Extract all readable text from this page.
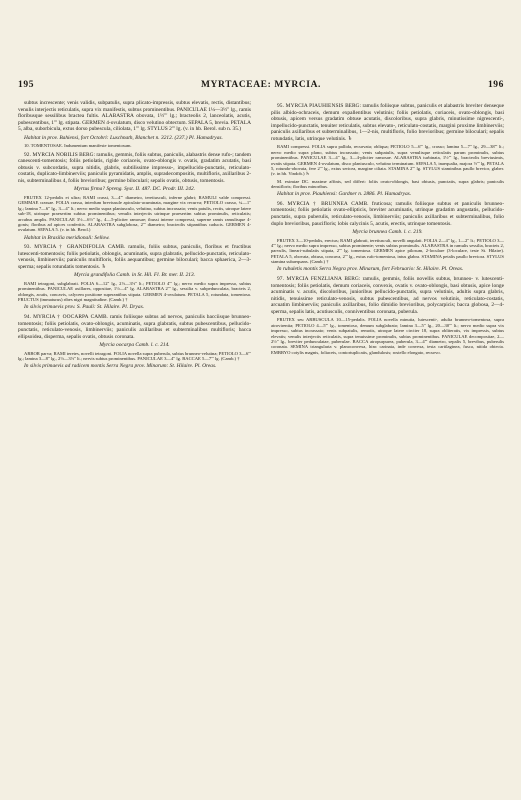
195	MYRTACEAE: MYRCIA.	196

subtus increscente; venis validis, subpatulis, supra plicato-impressis, subtus elevatis, rectis, distantibus; venulis interjectis reticulatis, supra vix manifestis, subtus prominentibus. PANICULAE 1¼—3½" lg., ramis floribusque sessilibus bractea fultis. ALABASTRA obovata, 1½"' lg.; bracteolis 2, lanceolatis, acutis, pubescentibus, 1"' lg. stipata. GERMEN 4-ovulatum, disco velutino obtectum. SEPALA 5, brevia. PETALA 5, alba, suborbicula, extus dorso pubescula, ciliolata, 1"' lg. STYLUS 2"' lg. (v. in hb. Berol. sub n. 35.)

Habitat in prov. Bahiensi, fort Octobri: Luschnath, Blanchet n. 3212. (237.) Pl. Hamadryas.

10. TOMENTOSAE. Indumentum manifeste tomentosum.

92. MYRCIA NOBILIS BERG: ramulis, gemmis, foliis subtus, paniculis, alabastris dense rufo-; tandem canescenti-tomentosis; foliis petiolatis, rigide coriaceis, ovato-oblongis v. ovatis, gradatim acutatis, basi obtusis v. subcordatis, supra nitidis, glabris, subtilissime impresso-, impellucido-punctatis, reticulato-costatis, duplicato-limbinerviis; paniculis pyramidatis, amplis, supradecompositis, multifloris, axillaribus 2-nis, subterminalibus 4, foliis brevioribus; germine biloculari; sepalis ovatis, obtusis, tomentosis.

Myrtus firma? Spreng. Syst. II. 487. DC. Prodr. III. 242.

FRUTEX 12-pedalis et ultra; RAMI crassi, 3—4"' diametro, teretiusculi, inferne glabri; RAMULI valde compressi. GEMMAE crassae. FOLIA crassa, interdum breviusule apiculato-acuminata, margine vix recurva; PETIOLO crasso, ¼—1" lg.; lamina 7—6" lg., 3—4" lt.; nervo medio supra planiusculo, velutino, subtus incrassato; venis patulis, rectis, utroque latere sub-18, utrinque praesertim subtus prominentibus; venulis interjectis utrinque praesertim subtus prominulis, reticulatis; arcubus amplis. PANICULAE 3½—6½" lg., 4—5-pliciter ramosae; ibussi interne compressi, superne ramis ramulisque 4-gonis; floribus ad apices conferitis. ALABASTRA subglobosa, 2"' diametro; bracteolis stipantibus caducis. GERMEN 4-ovulatum. SEPALA 5. (v. in hb. Berol.)

Habitat in Brasilia meridionali: Sellow.

93. MYRCIA † GRANDIFOLIA CAMB. ramulis, foliis subtus, paniculis, floribus et fructibus lutescenti-tomentosis; foliis petiolatis, oblongis, acuminatis, supra glabratis, pellucido-punctatis, reticulato-venosis, limbinerviis; paniculis multifloris, foliis aequantibus; germine biloculari; bacca sphaerica, 2—3-sperma; sepalis rotundatis tomentosis. ♄

Myrcia grandifolia Camb. in St. Hil. Fl. Br. mer. II. 213.

RAMI tetragoni, subglabrati. FOLIA 6—12" lg., 2½—3½" lt.; PETIOLO 4"' lg.; nervo medio supra impresso, subtus prominentibus. PANICULAE axillares, oppositae, 1½—4" lg. ALABASTRA 2"' lg., sessilia v. subpedunculata, bracteis 2, oblongis, acutis, concavis, calycem positione superantibus stipata. GERMEN 4-ovulatum. PETALA 5, rotundata, tomentosa. FRUCTUS (immaturus) ribes nigri magnitudine. (Camb.) †

In silvis primaevis prov. S. Pauli: St. Hilaire. Pl. Dryas.

94. MYRCIA † OOCARPA CAMB. ramis foliisque subtus ad nervos, paniculis bacciisque brunneo-tomentosis; foliis petiolatis, ovato-oblongis, acuminatis, supra glabratis, subtus pubescentibus, pellucido-punctatis, reticulato-venosis, limbinerviis; paniculis axillaribus et subterminalibus multifloris; bacca ellipsoidea, disperma, sepalis ovatis, obtusis coronata.

Myrcia oocarpa Camb. l. c. 214.

ARBOR parva; RAMI teretes, novelli tetragoni. FOLIA novella supra puberula, subtus brunneo-velutina; PETIOLO 3—6"' lg.; lamina 3—8" lg., 2½—3½" lt.; nervis subtus prominentibus. PANICULAE 3—4" lg. BACCAE 5—7"' lg. (Camb.) †

In silvis primaevis ad radicem montis Serra Negra prov. Minarum: St. Hilaire. Pl. Oreas.

95. MYRCIA PIAUHIENSIS BERG: ramulis foliisque subtus, paniculis et alabastris breviter densequе pilis albido-ochraceis, demum expallentibus velutinis; foliis petiolatis, coriaceis, ovato-oblongis, basi obtusis, apicem versus gradatim obtuse acutatis, discoloribus, supra glabris, minutissime nigrescenti-, impellucido-punctatis, tenuiter reticulatis, subtus elevato-, reticulato-costatis, margini proxime limbinerviis; paniculis axillaribus et subterminalibus, 1—2-nis, multifloris, folio brevioribus; germine biloculari; sepalis rotundatis, latis, utrinque velutinis. ♄

RAMI compressi. FOLIA supra pallida, recurvata; obliqua; PETIOLO 5—6"' lg., crasso; lamina 5—7" lg., 29—38"' lt.; nervo medio supra plano, subtus incrassato; venis subpatulis, supra venulisque reticulatis parum prominulis, subtus prominentibus. PANICULAE 3—4" lg., 3—4-pliciter ramosae. ALABASTRA turbinata, 1½"' lg., bracteolis breviusimis, ovatis stipata. GERMEN 4-ovulatum, disco planiusculo, velutino terminatum. SEPALA 5, inaequalia, majora ½"' lg. PETALA 5, rotundo-obovata, fere 2"' lg., extus sericea, margine ciliata. STAMINA 2"' lg. STYLUS staminibus paullo brevior, glaber. (v. in hb. Vindob.) ♄

M. eximiae DC. maxime affinis, sed differt: foliis ovato-oblongis, basi obtusis, punctatis, supra glabris; paniculis densiflоris; floribus minoribus.

Habitat in prov. Piauhiensi: Gardner n. 2886. Pl. Hamadryas.

96. MYRCIA † BRUNNEA CAMB. fruticosa; ramulis foliisque subtus et paniculis brunneo-tomentosis; foliis petiolatis ovato-ellipticis, breviter acuminatis, utrinque gradatim angustatis, pellucido-punctatis, supra puberulis, reticulato-venosis, limbinerviis; paniculis axillaribus et subterminalibus, folio duplo brevioribus, pauciflоris; lobis calycinis 5, acutis, erectis, utrinque tomentosis.

Myrcia brunnea Camb. l. c. 219.

FRUTEX 3—10-pedalis, erectus; RAMI glabrati, teretiusculi, novelli angulati. FOLIA 2—4" lg., 1—2" lt.; PETIOLO 3—4"' lg.; nervo medio supra impresso, subtus prominente; venis subtus prominulis. ALABASTRA in ramulis sessilia, bracteis 2, parvulis, lineari-subulatis stipata, 2"' lg. tomentosa. GERMEN apice pilosum, 2-loculare (3-loculare, teste St. Hilaire). PETALA 5, obovata, obtusa, concava, 2"' lg., extus rufo-tomentosa, intus glabra. STAMINA petalis paullo breviora. STYLUS stamina subaequans. (Camb.) †

In rubuletis montis Serra Negra prov. Minarum, fort Februario: St. Hilaire. Pl. Oreas.

97. MYRCIA FENZLIANA BERG: ramulis, gemmis, foliis novellis subtus, brunneo- v. lutescenti-tomentosis; foliis petiolatis, demum coriaceis, convexis, ovatis v. ovato-oblongis, basi obtusis, apice longe acuminatis v. acutis, discoloribus, juniоribus pellucido-punctatis, supra velutinis, adultis supra glabris, nitidis, tenuissime reticulato-venosis, subtus pubescentibus, ad nervos velutinis, reticulato-costatis, arcuatim limbinerviis; paniculis axillaribus, folio dimidio brevioribus, polycarpicis; bacca globosa, 2—4-sperma, sepalis latis, acutiusculis, conniventibus coronata, puberula.

FRUTEX seu ARBUSCULA 10—15-pedalis. FOLIA novella minutia, lutescenti-, adulta brunneo-tomentosa, supra atrovirentia; PETIOLO 4—5"' lg., tomentoso, demum subglabrato; lamina 3—5" lg., 20—30"' lt.; nervo medio supra vix impresso, subtus incrassato; venis subpatulis, remotis, utroque latere circiter 18, supra obliteratis, vix impressis, subtus elevatis; venulis interjectis reticulatis, supra tenuissime prominulis, subtus prominentibus. PANICULAE decompositae, 2—2½" lg., breviter pedunculatae, puberulae. BACCA atropurpurea, puberula, 3—4"' diametro, sepalis 5, brevibus, puberulis coronata. SEMINA triangularia v. planoconvexa, hinc carinata, inde convexa, testa cartilaginea, fusca, nitida obtecta. EMBRYO cotylis magnis, foliaceis, contortuplicatis, glandulosis; rostello elongato, recurvo.
